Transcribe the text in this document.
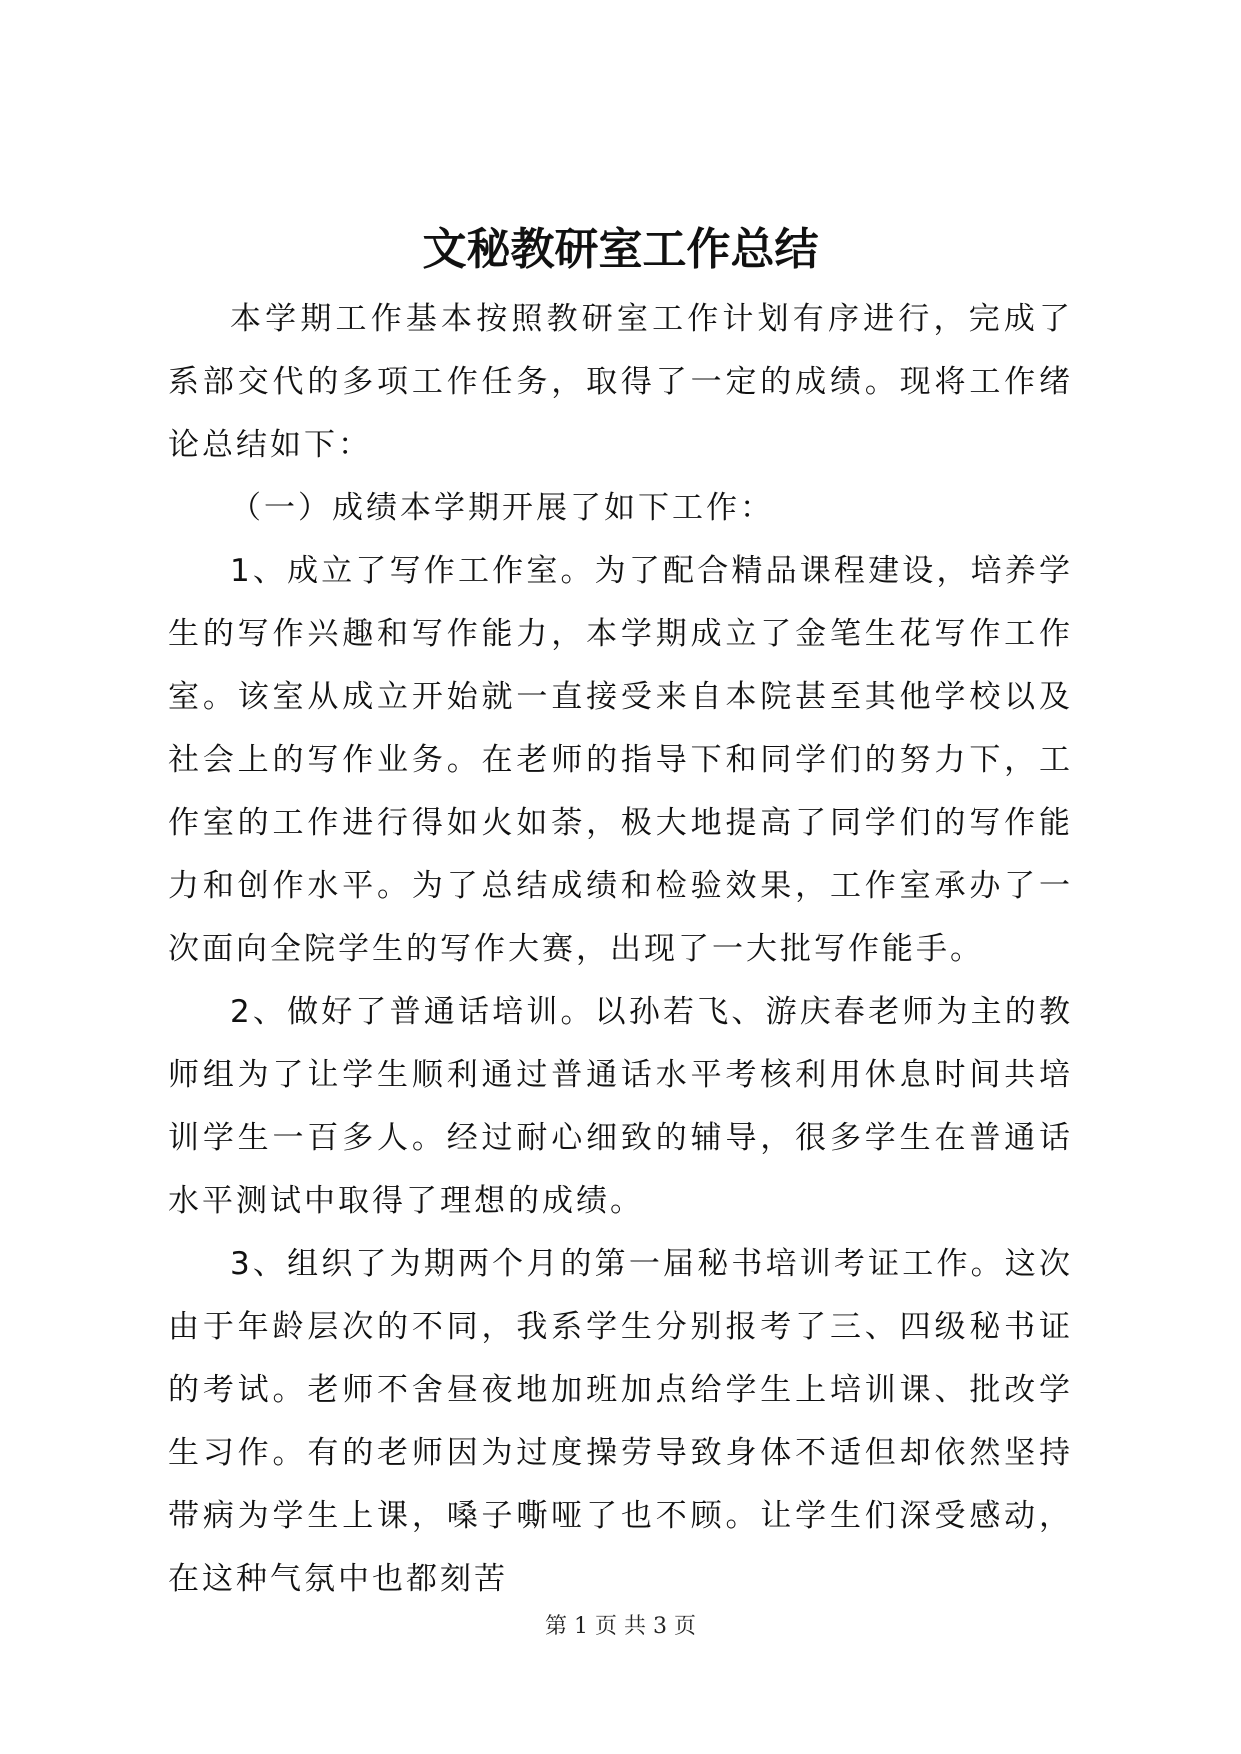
文秘教研室工作总结

本学期工作基本按照教研室工作计划有序进行，完成了系部交代的多项工作任务，取得了一定的成绩。现将工作绪论总结如下：

（一）成绩本学期开展了如下工作：

1、成立了写作工作室。为了配合精品课程建设，培养学生的写作兴趣和写作能力，本学期成立了金笔生花写作工作室。该室从成立开始就一直接受来自本院甚至其他学校以及社会上的写作业务。在老师的指导下和同学们的努力下，工作室的工作进行得如火如荼，极大地提高了同学们的写作能力和创作水平。为了总结成绩和检验效果，工作室承办了一次面向全院学生的写作大赛，出现了一大批写作能手。

2、做好了普通话培训。以孙若飞、游庆春老师为主的教师组为了让学生顺利通过普通话水平考核利用休息时间共培训学生一百多人。经过耐心细致的辅导，很多学生在普通话水平测试中取得了理想的成绩。

3、组织了为期两个月的第一届秘书培训考证工作。这次由于年龄层次的不同，我系学生分别报考了三、四级秘书证的考试。老师不舍昼夜地加班加点给学生上培训课、批改学生习作。有的老师因为过度操劳导致身体不适但却依然坚持带病为学生上课，嗓子嘶哑了也不顾。让学生们深受感动，在这种气氛中也都刻苦

第 1 页 共 3 页
